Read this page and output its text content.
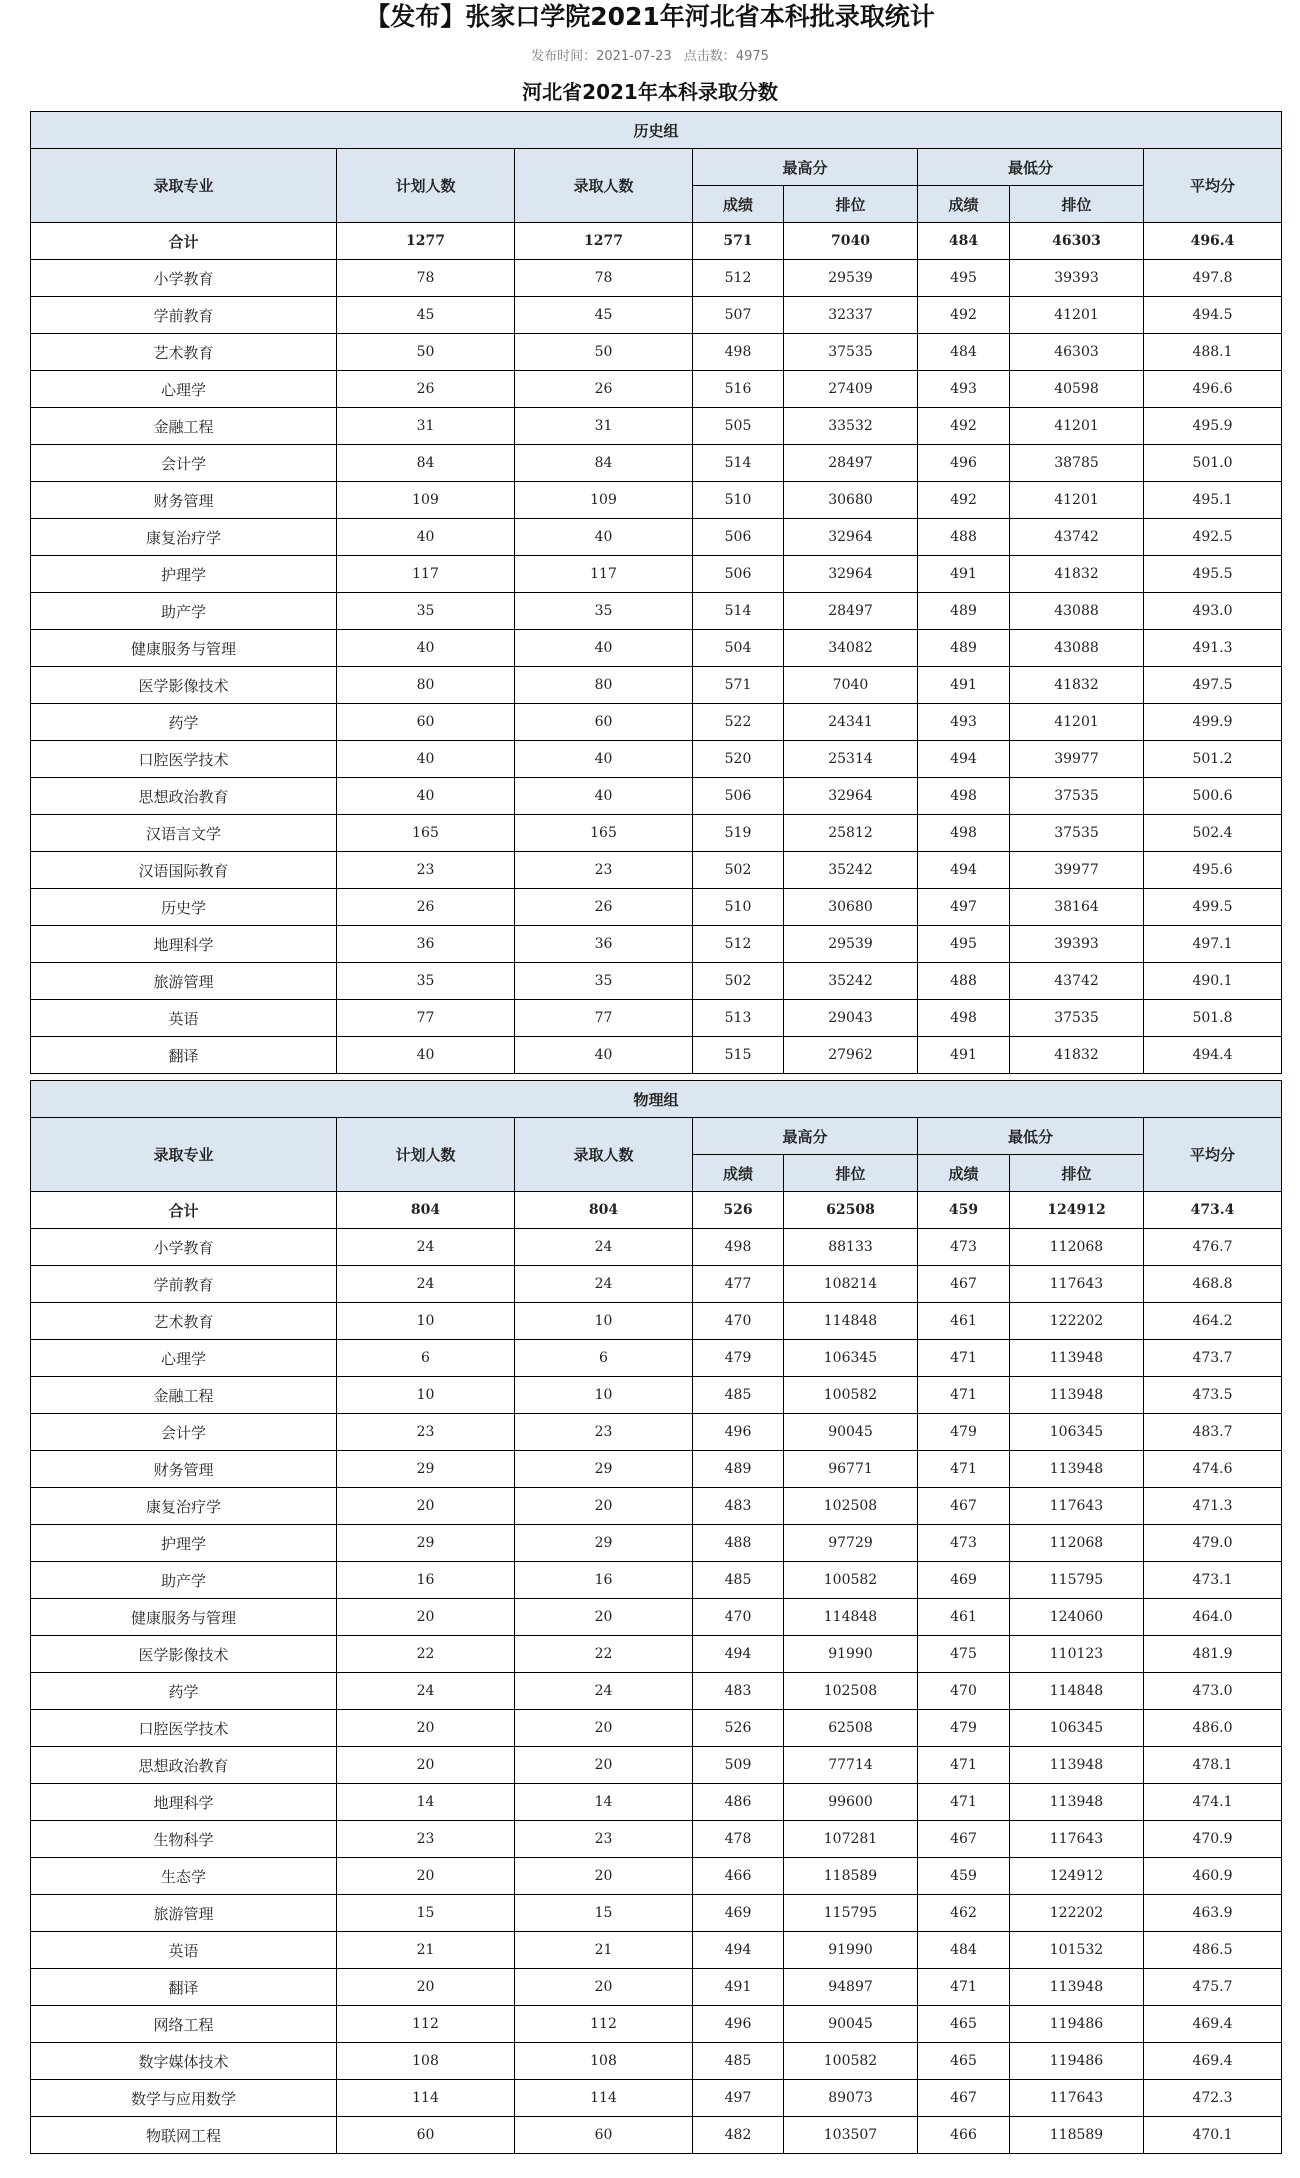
【发布】张家口学院2021年河北省本科批录取统计
发布时间：2021-07-23 点击数：4975
河北省2021年本科录取分数
历史组							
录取专业	计划人数	录取人数	最高分		最低分		平均分
			成绩	排位	成绩	排位	
合计	1277	1277	571	7040	484	46303	496.4
小学教育	78	78	512	29539	495	39393	497.8
学前教育	45	45	507	32337	492	41201	494.5
艺术教育	50	50	498	37535	484	46303	488.1
心理学	26	26	516	27409	493	40598	496.6
金融工程	31	31	505	33532	492	41201	495.9
会计学	84	84	514	28497	496	38785	501.0
财务管理	109	109	510	30680	492	41201	495.1
康复治疗学	40	40	506	32964	488	43742	492.5
护理学	117	117	506	32964	491	41832	495.5
助产学	35	35	514	28497	489	43088	493.0
健康服务与管理	40	40	504	34082	489	43088	491.3
医学影像技术	80	80	571	7040	491	41832	497.5
药学	60	60	522	24341	493	41201	499.9
口腔医学技术	40	40	520	25314	494	39977	501.2
思想政治教育	40	40	506	32964	498	37535	500.6
汉语言文学	165	165	519	25812	498	37535	502.4
汉语国际教育	23	23	502	35242	494	39977	495.6
历史学	26	26	510	30680	497	38164	499.5
地理科学	36	36	512	29539	495	39393	497.1
旅游管理	35	35	502	35242	488	43742	490.1
英语	77	77	513	29043	498	37535	501.8
翻译	40	40	515	27962	491	41832	494.4
物理组							
录取专业	计划人数	录取人数	最高分		最低分		平均分
			成绩	排位	成绩	排位	
合计	804	804	526	62508	459	124912	473.4
小学教育	24	24	498	88133	473	112068	476.7
学前教育	24	24	477	108214	467	117643	468.8
艺术教育	10	10	470	114848	461	122202	464.2
心理学	6	6	479	106345	471	113948	473.7
金融工程	10	10	485	100582	471	113948	473.5
会计学	23	23	496	90045	479	106345	483.7
财务管理	29	29	489	96771	471	113948	474.6
康复治疗学	20	20	483	102508	467	117643	471.3
护理学	29	29	488	97729	473	112068	479.0
助产学	16	16	485	100582	469	115795	473.1
健康服务与管理	20	20	470	114848	461	124060	464.0
医学影像技术	22	22	494	91990	475	110123	481.9
药学	24	24	483	102508	470	114848	473.0
口腔医学技术	20	20	526	62508	479	106345	486.0
思想政治教育	20	20	509	77714	471	113948	478.1
地理科学	14	14	486	99600	471	113948	474.1
生物科学	23	23	478	107281	467	117643	470.9
生态学	20	20	466	118589	459	124912	460.9
旅游管理	15	15	469	115795	462	122202	463.9
英语	21	21	494	91990	484	101532	486.5
翻译	20	20	491	94897	471	113948	475.7
网络工程	112	112	496	90045	465	119486	469.4
数字媒体技术	108	108	485	100582	465	119486	469.4
数学与应用数学	114	114	497	89073	467	117643	472.3
物联网工程	60	60	482	103507	466	118589	470.1
